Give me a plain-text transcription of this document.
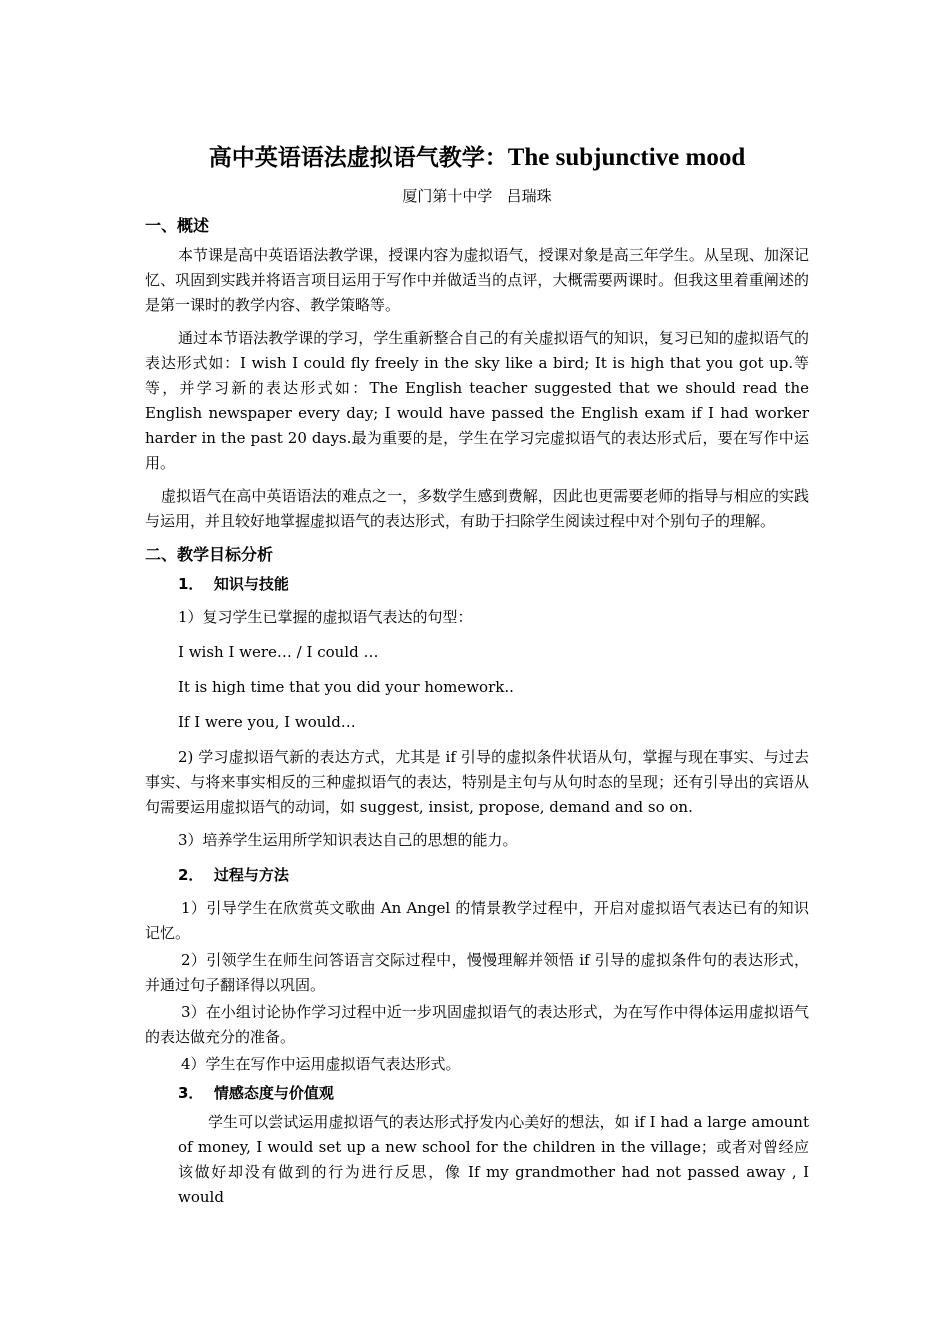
高中英语语法虚拟语气教学：The subjunctive mood
厦门第十中学   吕瑞珠
一、概述

本节课是高中英语语法教学课，授课内容为虚拟语气，授课对象是高三年学生。从呈现、加深记忆、巩固到实践并将语言项目运用于写作中并做适当的点评，大概需要两课时。但我这里着重阐述的是第一课时的教学内容、教学策略等。

通过本节语法教学课的学习，学生重新整合自己的有关虚拟语气的知识，复习已知的虚拟语气的表达形式如：I wish I could fly freely in the sky like a bird; It is high that you got up.等等，并学习新的表达形式如：The English teacher suggested that we should read the English newspaper every day; I would have passed the English exam if I had worker harder in the past 20 days.最为重要的是，学生在学习完虚拟语气的表达形式后，要在写作中运用。

虚拟语气在高中英语语法的难点之一，多数学生感到费解，因此也更需要老师的指导与相应的实践与运用，并且较好地掌握虚拟语气的表达形式，有助于扫除学生阅读过程中对个别句子的理解。

二、教学目标分析
1．  知识与技能
1）复习学生已掌握的虚拟语气表达的句型：
I wish I were… / I could …
It is high time that you did your homework..
If I were you, I would…

2) 学习虚拟语气新的表达方式，尤其是 if 引导的虚拟条件状语从句，掌握与现在事实、与过去事实、与将来事实相反的三种虚拟语气的表达，特别是主句与从句时态的呈现；还有引导出的宾语从句需要运用虚拟语气的动词，如 suggest, insist, propose, demand and so on.

3）培养学生运用所学知识表达自己的思想的能力。
2．  过程与方法

1）引导学生在欣赏英文歌曲 An Angel 的情景教学过程中，开启对虚拟语气表达已有的知识记忆。

2）引领学生在师生问答语言交际过程中，慢慢理解并领悟 if 引导的虚拟条件句的表达形式，并通过句子翻译得以巩固。

3）在小组讨论协作学习过程中近一步巩固虚拟语气的表达形式，为在写作中得体运用虚拟语气的表达做充分的准备。

4）学生在写作中运用虚拟语气表达形式。

3．  情感态度与价值观

学生可以尝试运用虚拟语气的表达形式抒发内心美好的想法，如 if I had a large amount of money, I would set up a new school for the children in the village；或者对曾经应该做好却没有做到的行为进行反思，像 If my grandmother had not passed away , I would
